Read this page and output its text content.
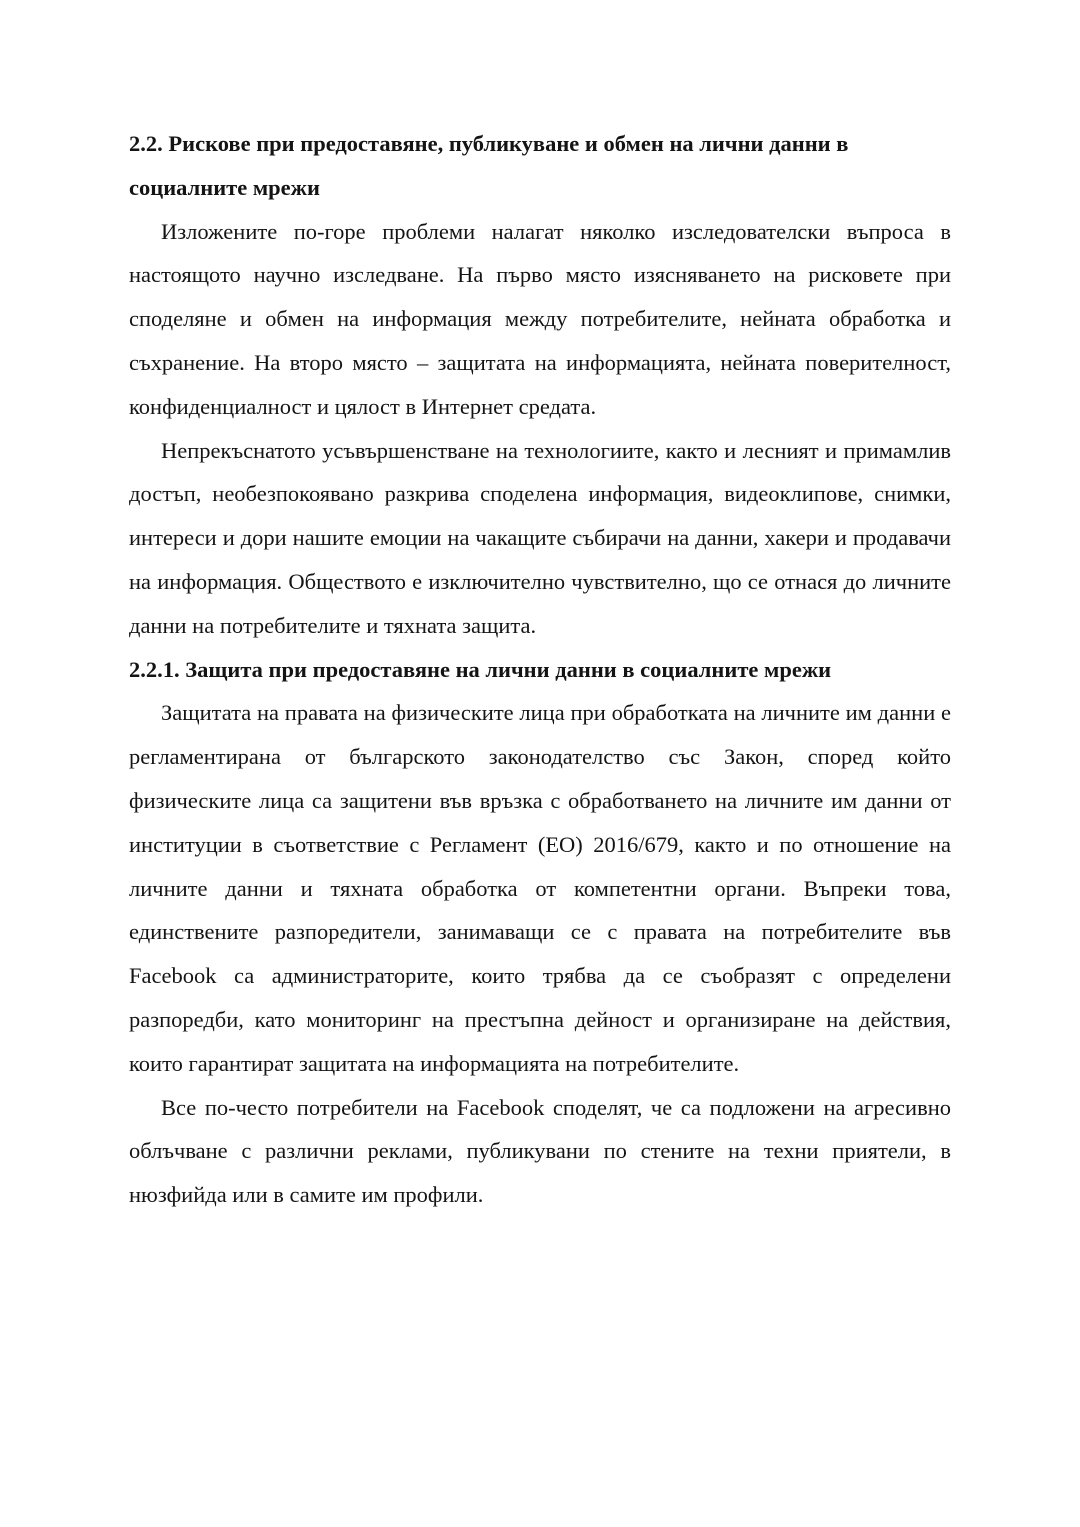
2.2. Рискове при предоставяне, публикуване и обмен на лични данни в социалните мрежи

Изложените по-горе проблеми налагат няколко изследователски въпроса в настоящото научно изследване. На първо място изясняването на рисковете при споделяне и обмен на информация между потребителите, нейната обработка и съхранение. На второ място – защитата на информацията, нейната поверителност, конфиденциалност и цялост в Интернет средата.

Непрекъснатото усъвършенстване на технологиите, както и лесният и примамлив достъп, необезпокоявано разкрива споделена информация, видеоклипове, снимки, интереси и дори нашите емоции на чакащите събирачи на данни, хакери и продавачи на информация. Обществото е изключително чувствително, що се отнася до личните данни на потребителите и тяхната защита.

2.2.1. Защита при предоставяне на лични данни в социалните мрежи

Защитата на правата на физическите лица при обработката на личните им данни е регламентирана от българското законодателство със Закон, според който физическите лица са защитени във връзка с обработването на личните им данни от институции в съответствие с Регламент (ЕО) 2016/679, както и по отношение на личните данни и тяхната обработка от компетентни органи. Въпреки това, единствените разпоредители, занимаващи се с правата на потребителите във Facebook са администраторите, които трябва да се съобразят с определени разпоредби, като мониторинг на престъпна дейност и организиране на действия, които гарантират защитата на информацията на потребителите.

Все по-често потребители на Facebook споделят, че са подложени на агресивно облъчване с различни реклами, публикувани по стените на техни приятели, в нюзфийда или в самите им профили.
